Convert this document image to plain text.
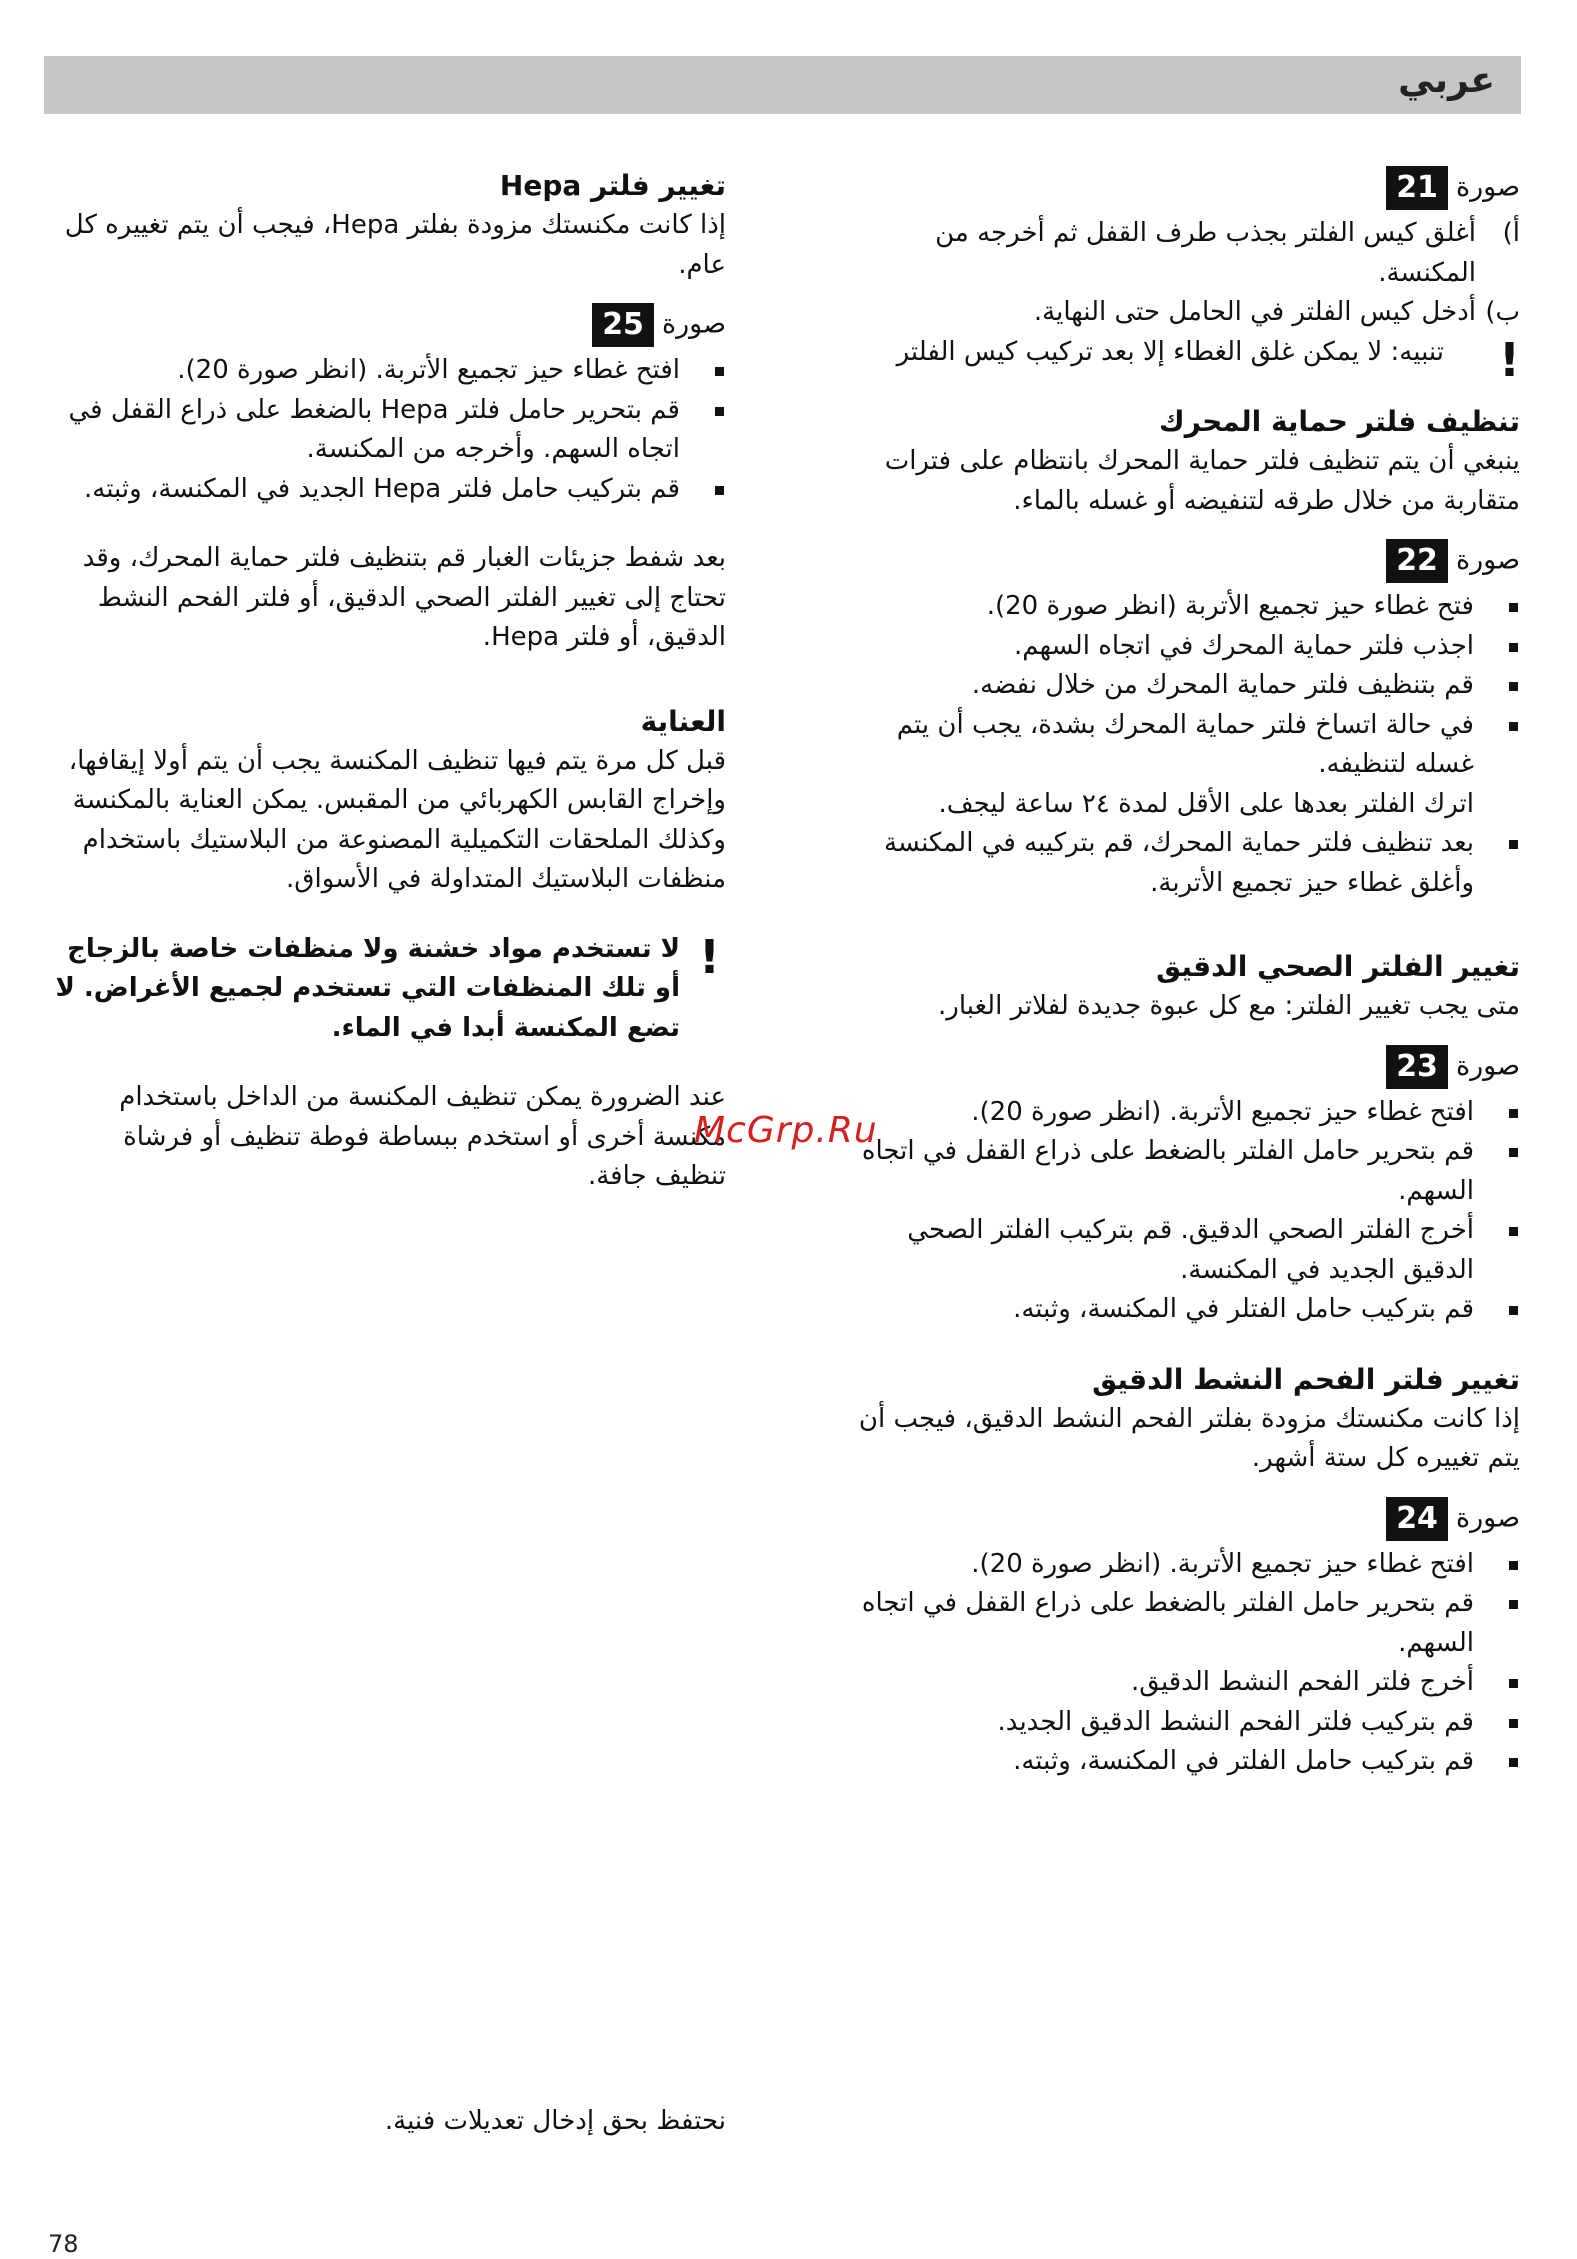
عربي

صورة21

أ)
أغلق كيس الفلتر بجذب طرف القفل ثم أخرجه من المكنسة.
ب)
أدخل كيس الفلتر في الحامل حتى النهاية.
!
تنبيه: لا يمكن غلق الغطاء إلا بعد تركيب كيس الفلتر
تنظيف فلتر حماية المحرك

ينبغي أن يتم تنظيف فلتر حماية المحرك بانتظام على فترات متقاربة من خلال طرقه لتنفيضه أو غسله بالماء.

صورة22

فتح غطاء حيز تجميع الأتربة (انظر صورة 20).
اجذب فلتر حماية المحرك في اتجاه السهم.
قم بتنظيف فلتر حماية المحرك من خلال نفضه.
في حالة اتساخ فلتر حماية المحرك بشدة، يجب أن يتم غسله لتنظيفه.

اترك الفلتر بعدها على الأقل لمدة ٢٤ ساعة ليجف.

بعد تنظيف فلتر حماية المحرك، قم بتركيبه في المكنسة وأغلق غطاء حيز تجميع الأتربة.
تغيير الفلتر الصحي الدقيق

متى يجب تغيير الفلتر: مع كل عبوة جديدة لفلاتر الغبار.

صورة23

افتح غطاء حيز تجميع الأتربة. (انظر صورة 20).
قم بتحرير حامل الفلتر بالضغط على ذراع القفل في اتجاه السهم.
أخرج الفلتر الصحي الدقيق. قم بتركيب الفلتر الصحي الدقيق الجديد في المكنسة.
قم بتركيب حامل الفتلر في المكنسة، وثبته.
تغيير فلتر الفحم النشط الدقيق

إذا كانت مكنستك مزودة بفلتر الفحم النشط الدقيق، فيجب أن يتم تغييره كل ستة أشهر.

صورة24

افتح غطاء حيز تجميع الأتربة. (انظر صورة 20).
قم بتحرير حامل الفلتر بالضغط على ذراع القفل في اتجاه السهم.
أخرج فلتر الفحم النشط الدقيق.
قم بتركيب فلتر الفحم النشط الدقيق الجديد.
قم بتركيب حامل الفلتر في المكنسة، وثبته.
تغيير فلتر Hepa

إذا كانت مكنستك مزودة بفلتر Hepa، فيجب أن يتم تغييره كل عام.

صورة25

افتح غطاء حيز تجميع الأتربة. (انظر صورة 20).
قم بتحرير حامل فلتر Hepa بالضغط على ذراع القفل في اتجاه السهم. وأخرجه من المكنسة.
قم بتركيب حامل فلتر Hepa الجديد في المكنسة، وثبته.

بعد شفط جزيئات الغبار قم بتنظيف فلتر حماية المحرك، وقد تحتاج إلى تغيير الفلتر الصحي الدقيق، أو فلتر الفحم النشط الدقيق، أو فلتر Hepa.

العناية

قبل كل مرة يتم فيها تنظيف المكنسة يجب أن يتم أولا إيقافها، وإخراج القابس الكهربائي من المقبس. يمكن العناية بالمكنسة وكذلك الملحقات التكميلية المصنوعة من البلاستيك باستخدام منظفات البلاستيك المتداولة في الأسواق.

!
لا تستخدم مواد خشنة ولا منظفات خاصة بالزجاج أو تلك المنظفات التي تستخدم لجميع الأغراض. لا تضع المكنسة أبدا في الماء.

عند الضرورة يمكن تنظيف المكنسة من الداخل باستخدام مكنسة أخرى أو استخدم ببساطة فوطة تنظيف أو فرشاة تنظيف جافة.

نحتفظ بحق إدخال تعديلات فنية.

McGrp.Ru
78
